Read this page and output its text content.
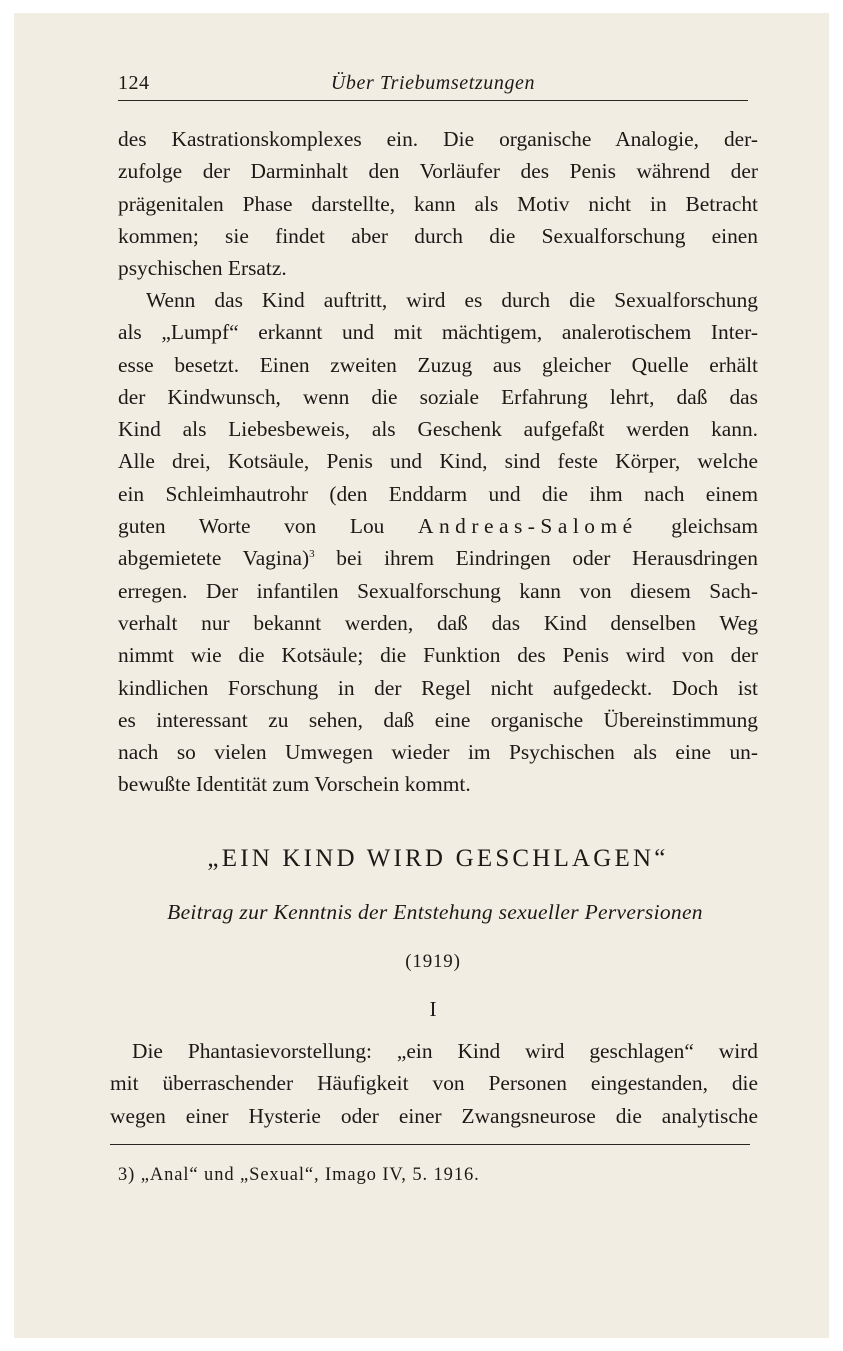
124	Über Triebumsetzungen
des Kastrationskomplexes ein. Die organische Analogie, der-
zufolge der Darminhalt den Vorläufer des Penis während der
prägenitalen Phase darstellte, kann als Motiv nicht in Betracht
kommen; sie findet aber durch die Sexualforschung einen
psychischen Ersatz.
Wenn das Kind auftritt, wird es durch die Sexualforschung
als „Lumpf“ erkannt und mit mächtigem, analerotischem Inter-
esse besetzt. Einen zweiten Zuzug aus gleicher Quelle erhält
der Kindwunsch, wenn die soziale Erfahrung lehrt, daß das
Kind als Liebesbeweis, als Geschenk aufgefaßt werden kann.
Alle drei, Kotsäule, Penis und Kind, sind feste Körper, welche
ein Schleimhautrohr (den Enddarm und die ihm nach einem
guten Worte von Lou Andreas-Salomé gleichsam
abgemietete Vagina)$^3$ bei ihrem Eindringen oder Herausdringen
erregen. Der infantilen Sexualforschung kann von diesem Sach-
verhalt nur bekannt werden, daß das Kind denselben Weg
nimmt wie die Kotsäule; die Funktion des Penis wird von der
kindlichen Forschung in der Regel nicht aufgedeckt. Doch ist
es interessant zu sehen, daß eine organische Übereinstimmung
nach so vielen Umwegen wieder im Psychischen als eine un-
bewußte Identität zum Vorschein kommt.
„EIN KIND WIRD GESCHLAGEN“
Beitrag zur Kenntnis der Entstehung sexueller Perversionen
(1919)
I
Die Phantasievorstellung: „ein Kind wird geschlagen“ wird
mit überraschender Häufigkeit von Personen eingestanden, die
wegen einer Hysterie oder einer Zwangsneurose die analytische
3) „Anal“ und „Sexual“, Imago IV, 5. 1916.
